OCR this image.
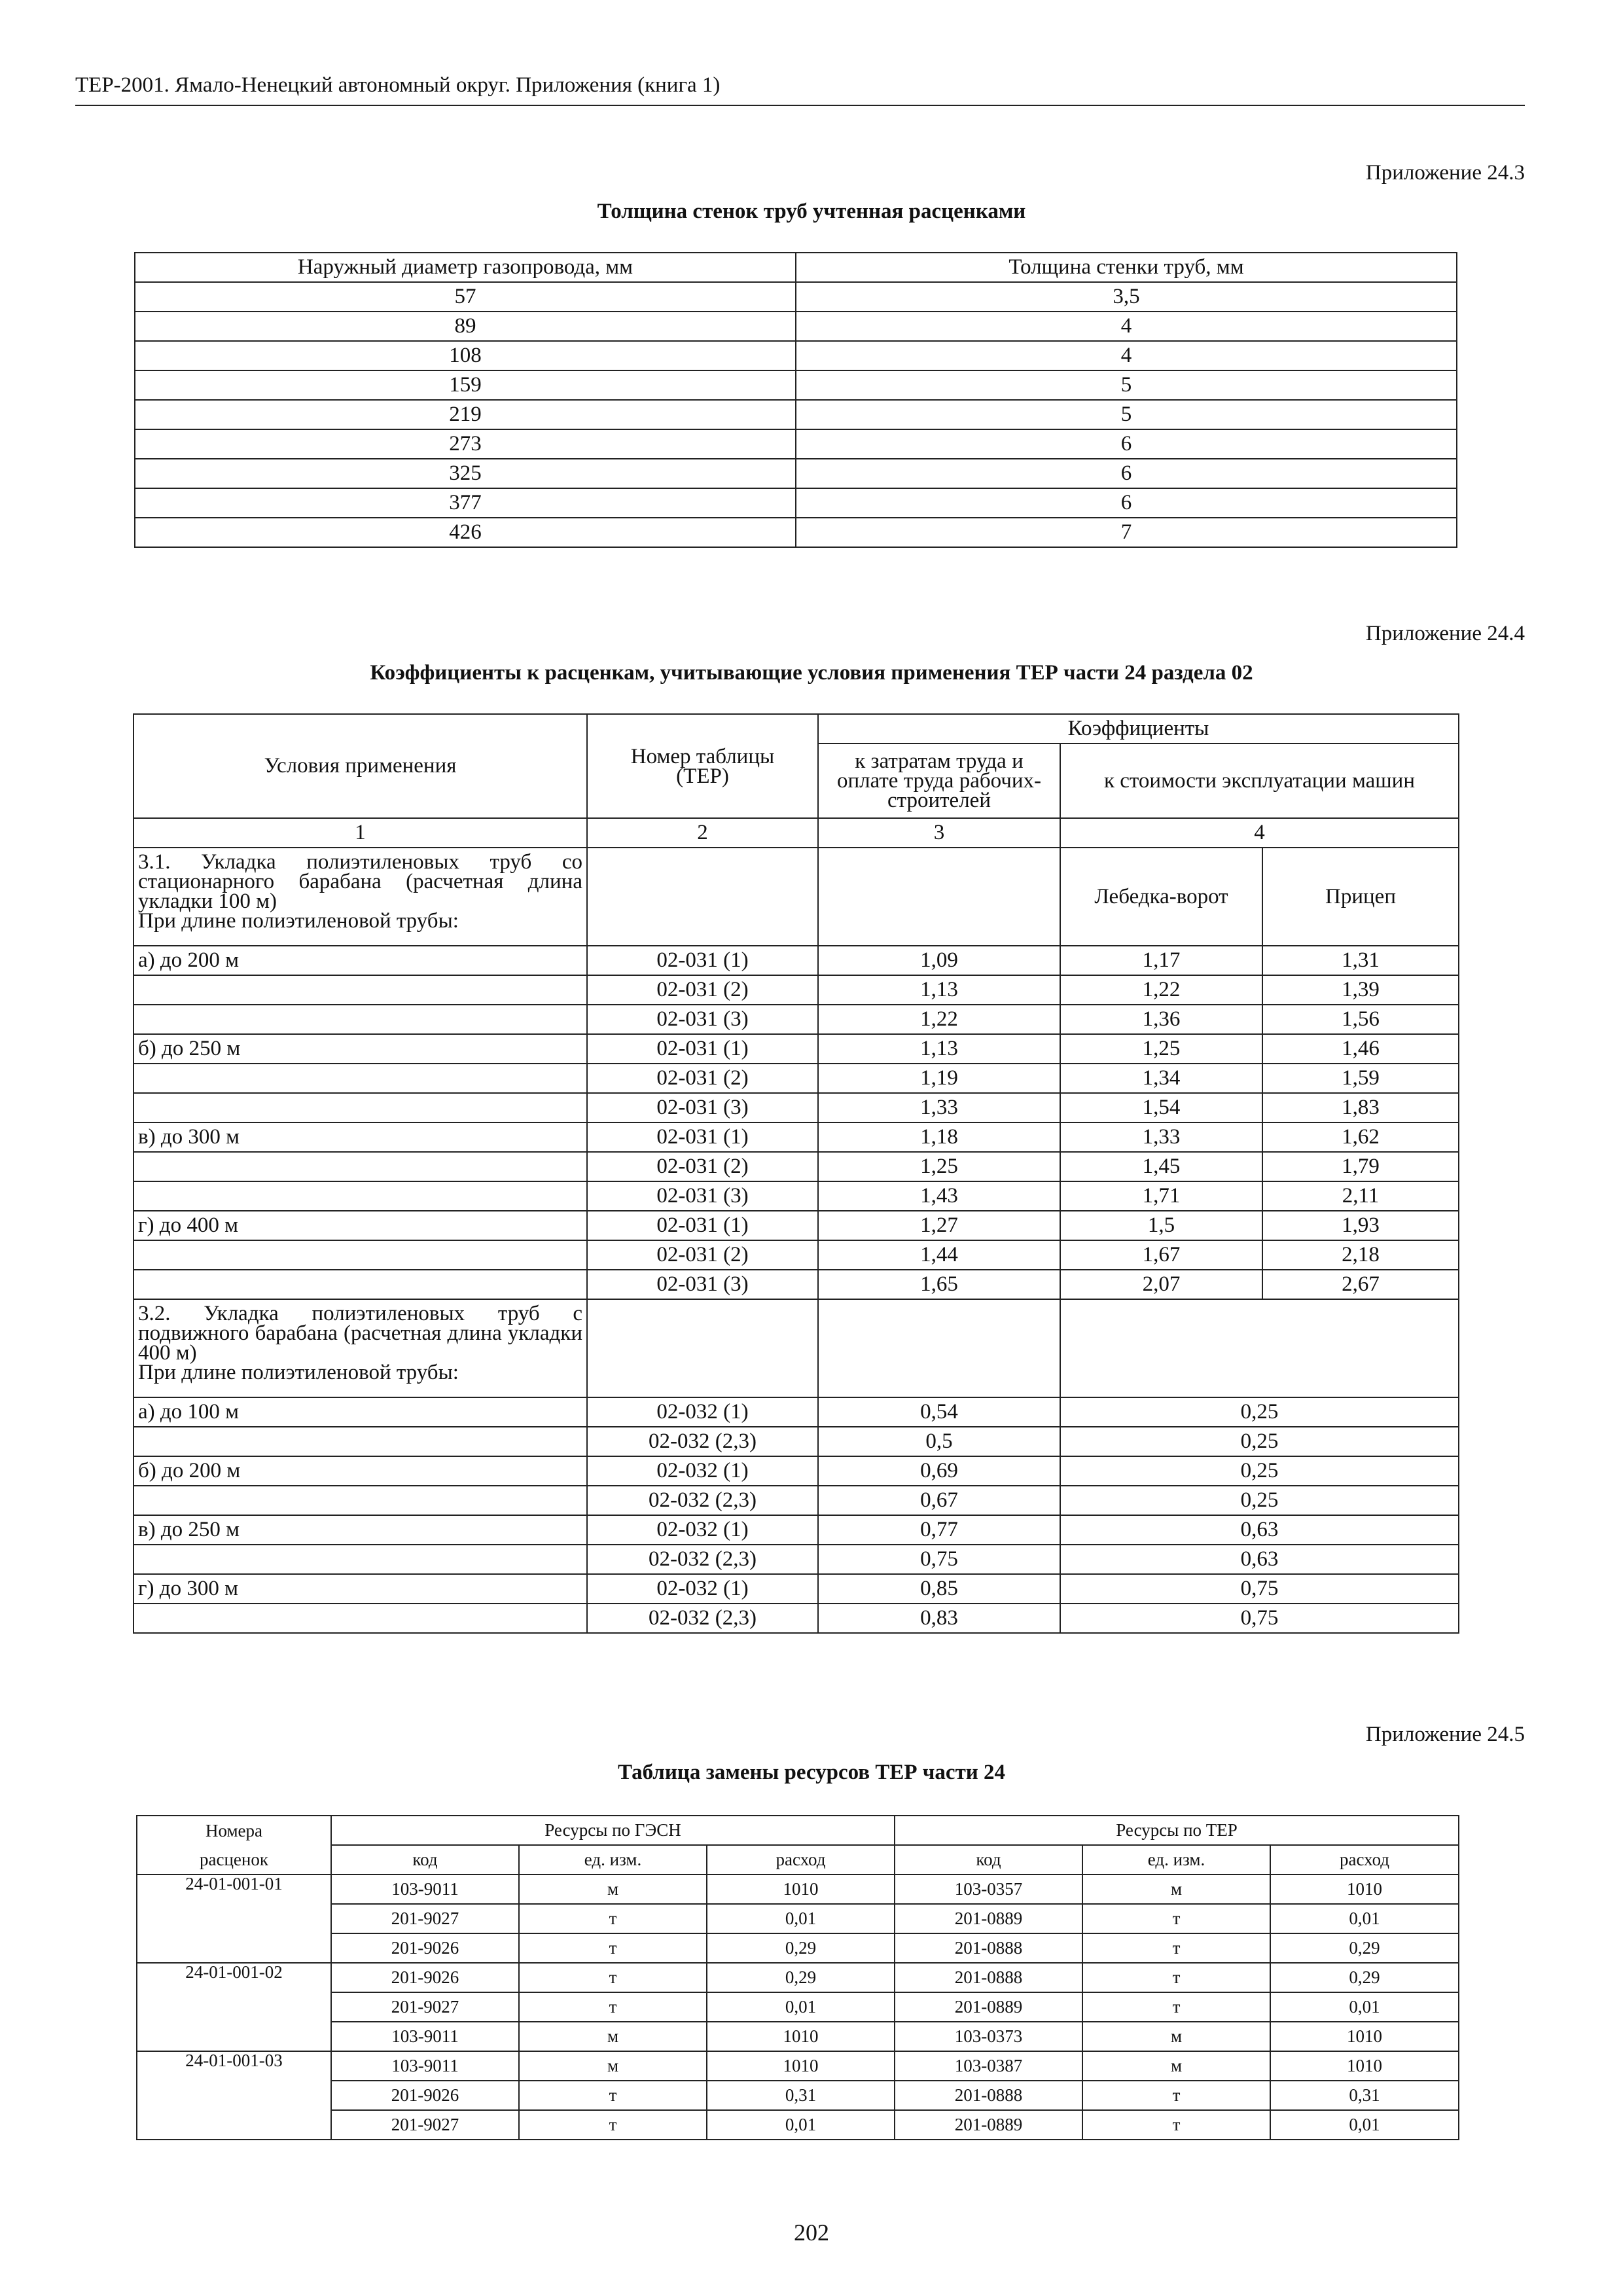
ТЕР-2001. Ямало-Ненецкий автономный округ. Приложения (книга 1)
Приложение 24.3
Толщина стенок труб учтенная расценками
Наружный диаметр газопровода, мм	Толщина стенки труб, мм
57	3,5
89	4
108	4
159	5
219	5
273	6
325	6
377	6
426	7
Приложение 24.4
Коэффициенты к расценкам, учитывающие условия применения ТЕР части 24 раздела 02
Условия применения	Номер таблицы (ТЕР)	Коэффициенты		
		к затратам труда и оплате труда рабочих-строителей	к стоимости эксплуатации машин	
1	2	3	4	

3.1. Укладка полиэтиленовых труб со стационарного барабана (расчетная длина укладки 100 м)
При длине полиэтиленовой трубы:			Лебедка-ворот	Прицеп
а) до 200 м	02-031 (1)	1,09	1,17	1,31
	02-031 (2)	1,13	1,22	1,39
	02-031 (3)	1,22	1,36	1,56
б) до 250 м	02-031 (1)	1,13	1,25	1,46
	02-031 (2)	1,19	1,34	1,59
	02-031 (3)	1,33	1,54	1,83
в) до 300 м	02-031 (1)	1,18	1,33	1,62
	02-031 (2)	1,25	1,45	1,79
	02-031 (3)	1,43	1,71	2,11
г) до 400 м	02-031 (1)	1,27	1,5	1,93
	02-031 (2)	1,44	1,67	2,18
	02-031 (3)	1,65	2,07	2,67

3.2. Укладка полиэтиленовых труб с подвижного барабана (расчетная длина укладки 400 м)
При длине полиэтиленовой трубы:				

а) до 100 м	02-032 (1)	0,54	0,25	
	02-032 (2,3)	0,5	0,25	
б) до 200 м	02-032 (1)	0,69	0,25	
	02-032 (2,3)	0,67	0,25	
в) до 250 м	02-032 (1)	0,77	0,63	
	02-032 (2,3)	0,75	0,63	
г) до 300 м	02-032 (1)	0,85	0,75	
	02-032 (2,3)	0,83	0,75	
Приложение 24.5
Таблица замены ресурсов ТЕР части 24
Номера	Ресурсы по ГЭСН			Ресурсы по ТЕР		
расценок	код	ед. изм.	расход	код	ед. изм.	расход
24-01-001-01	103-9011	м	1010	103-0357	м	1010
	201-9027	т	0,01	201-0889	т	0,01
	201-9026	т	0,29	201-0888	т	0,29
24-01-001-02	201-9026	т	0,29	201-0888	т	0,29
	201-9027	т	0,01	201-0889	т	0,01
	103-9011	м	1010	103-0373	м	1010
24-01-001-03	103-9011	м	1010	103-0387	м	1010
	201-9026	т	0,31	201-0888	т	0,31
	201-9027	т	0,01	201-0889	т	0,01
202
